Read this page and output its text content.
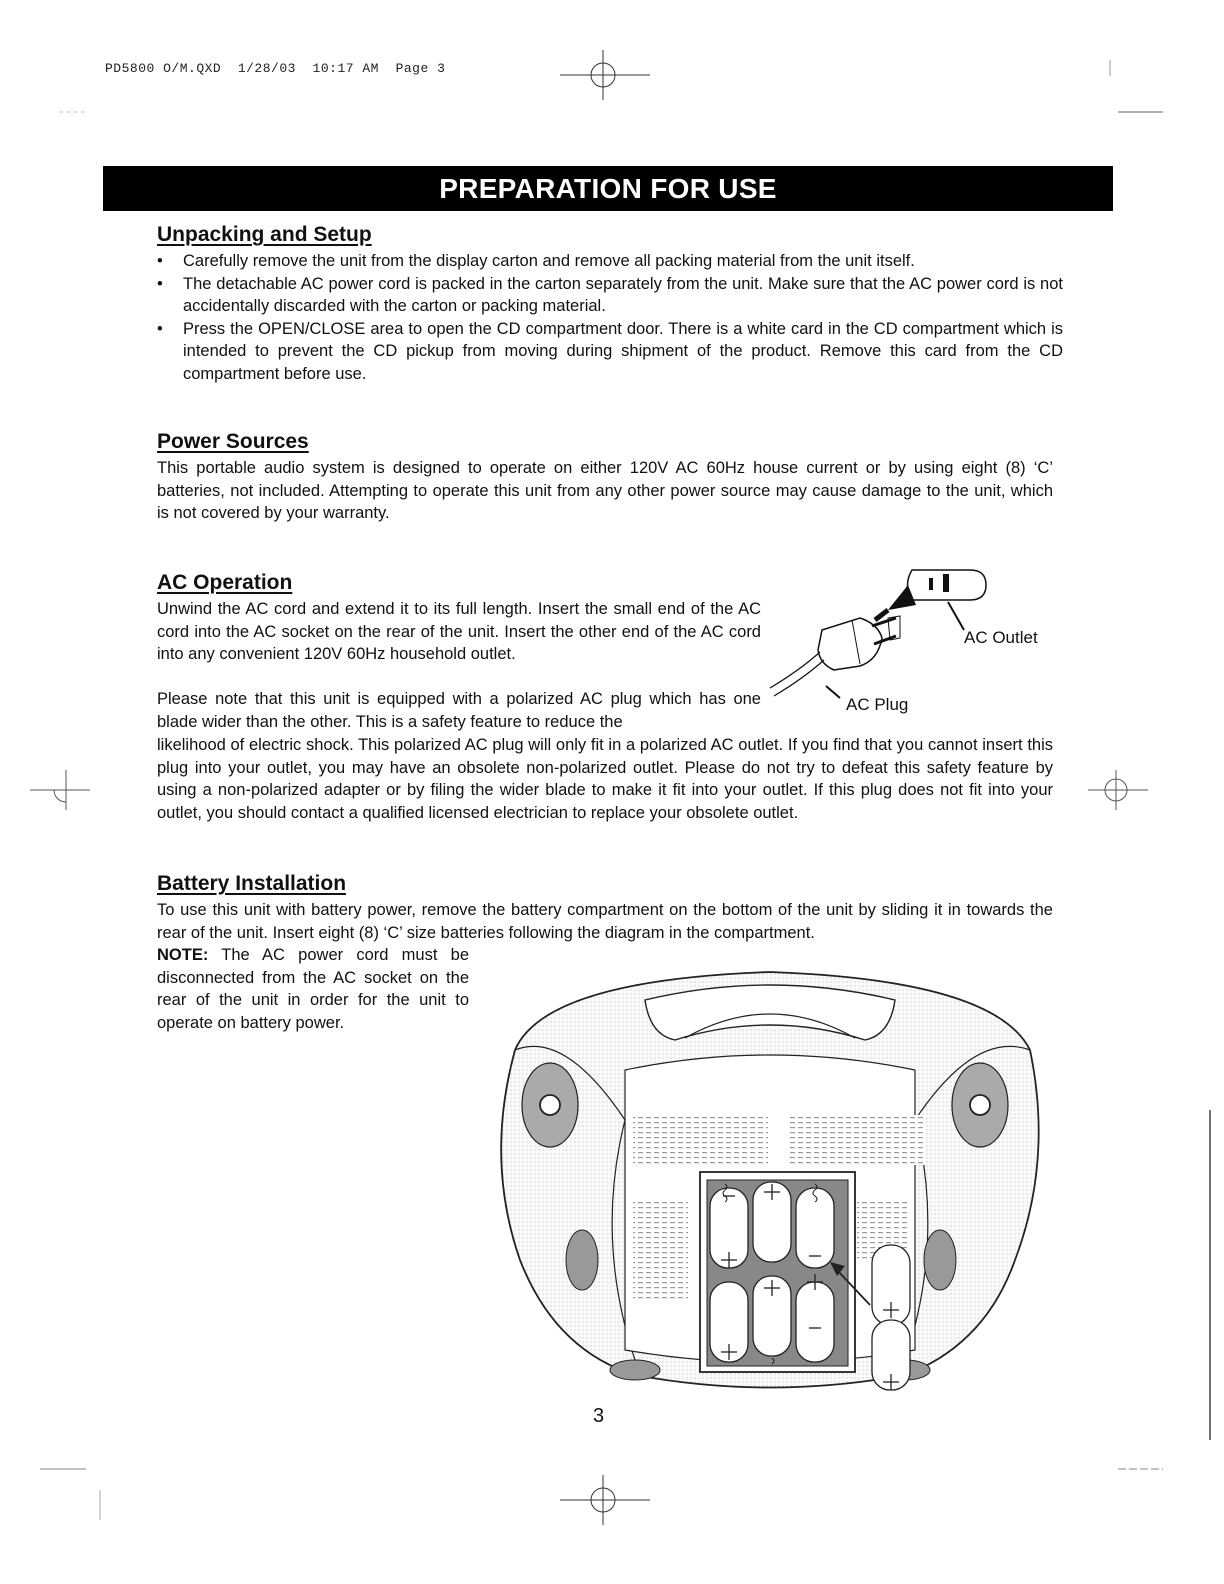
PD5800 O/M.QXD 1/28/03 10:17 AM Page 3
PREPARATION FOR USE
Unpacking and Setup
• Carefully remove the unit from the display carton and remove all packing material from the unit itself.
• The detachable AC power cord is packed in the carton separately from the unit. Make sure that the AC power cord is not accidentally discarded with the carton or packing material.
• Press the OPEN/CLOSE area to open the CD compartment door. There is a white card in the CD compartment which is intended to prevent the CD pickup from moving during shipment of the product. Remove this card from the CD compartment before use.
Power Sources

This portable audio system is designed to operate on either 120V AC 60Hz house current or by using eight (8) ‘C’ batteries, not included. Attempting to operate this unit from any other power source may cause damage to the unit, which is not covered by your warranty.

AC Operation

Unwind the AC cord and extend it to its full length. Insert the small end of the AC cord into the AC socket on the rear of the unit. Insert the other end of the AC cord into any convenient 120V 60Hz household outlet.

Please note that this unit is equipped with a polarized AC plug which has one blade wider than the other. This is a safety feature to reduce the

likelihood of electric shock. This polarized AC plug will only fit in a polarized AC outlet. If you find that you cannot insert this plug into your outlet, you may have an obsolete non-polarized outlet. Please do not try to defeat this safety feature by using a non-polarized adapter or by filing the wider blade to make it fit into your outlet. If this plug does not fit into your outlet, you should contact a qualified licensed electrician to replace your obsolete outlet.

AC Outlet
AC Plug
Battery Installation

To use this unit with battery power, remove the battery compartment on the bottom of the unit by sliding it in towards the rear of the unit. Insert eight (8) ‘C’ size batteries following the diagram in the compartment.

NOTE: The AC power cord must be disconnected from the AC socket on the rear of the unit in order for the unit to operate on battery power.

3
